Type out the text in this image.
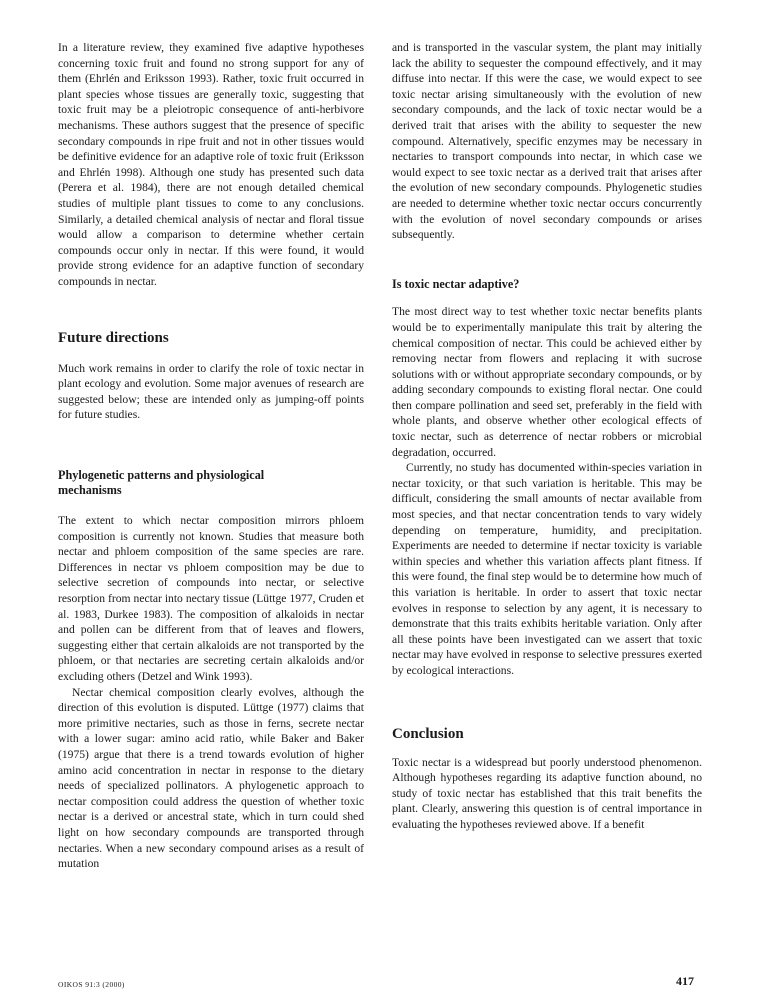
In a literature review, they examined five adaptive hypotheses concerning toxic fruit and found no strong support for any of them (Ehrlén and Eriksson 1993). Rather, toxic fruit occurred in plant species whose tissues are generally toxic, suggesting that toxic fruit may be a pleiotropic consequence of anti-herbivore mechanisms. These authors suggest that the presence of specific secondary compounds in ripe fruit and not in other tissues would be definitive evidence for an adaptive role of toxic fruit (Eriksson and Ehrlén 1998). Although one study has presented such data (Perera et al. 1984), there are not enough detailed chemical studies of multiple plant tissues to come to any conclusions. Similarly, a detailed chemical analysis of nectar and floral tissue would allow a comparison to determine whether certain compounds occur only in nectar. If this were found, it would provide strong evidence for an adaptive function of secondary compounds in nectar.

Future directions

Much work remains in order to clarify the role of toxic nectar in plant ecology and evolution. Some major avenues of research are suggested below; these are intended only as jumping-off points for future studies.

Phylogenetic patterns and physiological mechanisms

The extent to which nectar composition mirrors phloem composition is currently not known. Studies that measure both nectar and phloem composition of the same species are rare. Differences in nectar vs phloem composition may be due to selective secretion of compounds into nectar, or selective resorption from nectar into nectary tissue (Lüttge 1977, Cruden et al. 1983, Durkee 1983). The composition of alkaloids in nectar and pollen can be different from that of leaves and flowers, suggesting either that certain alkaloids are not transported by the phloem, or that nectaries are secreting certain alkaloids and/or excluding others (Detzel and Wink 1993).

Nectar chemical composition clearly evolves, although the direction of this evolution is disputed. Lüttge (1977) claims that more primitive nectaries, such as those in ferns, secrete nectar with a lower sugar: amino acid ratio, while Baker and Baker (1975) argue that there is a trend towards evolution of higher amino acid concentration in nectar in response to the dietary needs of specialized pollinators. A phylogenetic approach to nectar composition could address the question of whether toxic nectar is a derived or ancestral state, which in turn could shed light on how secondary compounds are transported through nectaries. When a new secondary compound arises as a result of mutation

and is transported in the vascular system, the plant may initially lack the ability to sequester the compound effectively, and it may diffuse into nectar. If this were the case, we would expect to see toxic nectar arising simultaneously with the evolution of new secondary compounds, and the lack of toxic nectar would be a derived trait that arises with the ability to sequester the new compound. Alternatively, specific enzymes may be necessary in nectaries to transport compounds into nectar, in which case we would expect to see toxic nectar as a derived trait that arises after the evolution of new secondary compounds. Phylogenetic studies are needed to determine whether toxic nectar occurs concurrently with the evolution of novel secondary compounds or arises subsequently.

Is toxic nectar adaptive?

The most direct way to test whether toxic nectar benefits plants would be to experimentally manipulate this trait by altering the chemical composition of nectar. This could be achieved either by removing nectar from flowers and replacing it with sucrose solutions with or without appropriate secondary compounds, or by adding secondary compounds to existing floral nectar. One could then compare pollination and seed set, preferably in the field with whole plants, and observe whether other ecological effects of toxic nectar, such as deterrence of nectar robbers or microbial degradation, occurred.

Currently, no study has documented within-species variation in nectar toxicity, or that such variation is heritable. This may be difficult, considering the small amounts of nectar available from most species, and that nectar concentration tends to vary widely depending on temperature, humidity, and precipitation. Experiments are needed to determine if nectar toxicity is variable within species and whether this variation affects plant fitness. If this were found, the final step would be to determine how much of this variation is heritable. In order to assert that toxic nectar evolves in response to selection by any agent, it is necessary to demonstrate that this traits exhibits heritable variation. Only after all these points have been investigated can we assert that toxic nectar may have evolved in response to selective pressures exerted by ecological interactions.

Conclusion

Toxic nectar is a widespread but poorly understood phenomenon. Although hypotheses regarding its adaptive function abound, no study of toxic nectar has established that this trait benefits the plant. Clearly, answering this question is of central importance in evaluating the hypotheses reviewed above. If a benefit

OIKOS 91:3 (2000)	417
